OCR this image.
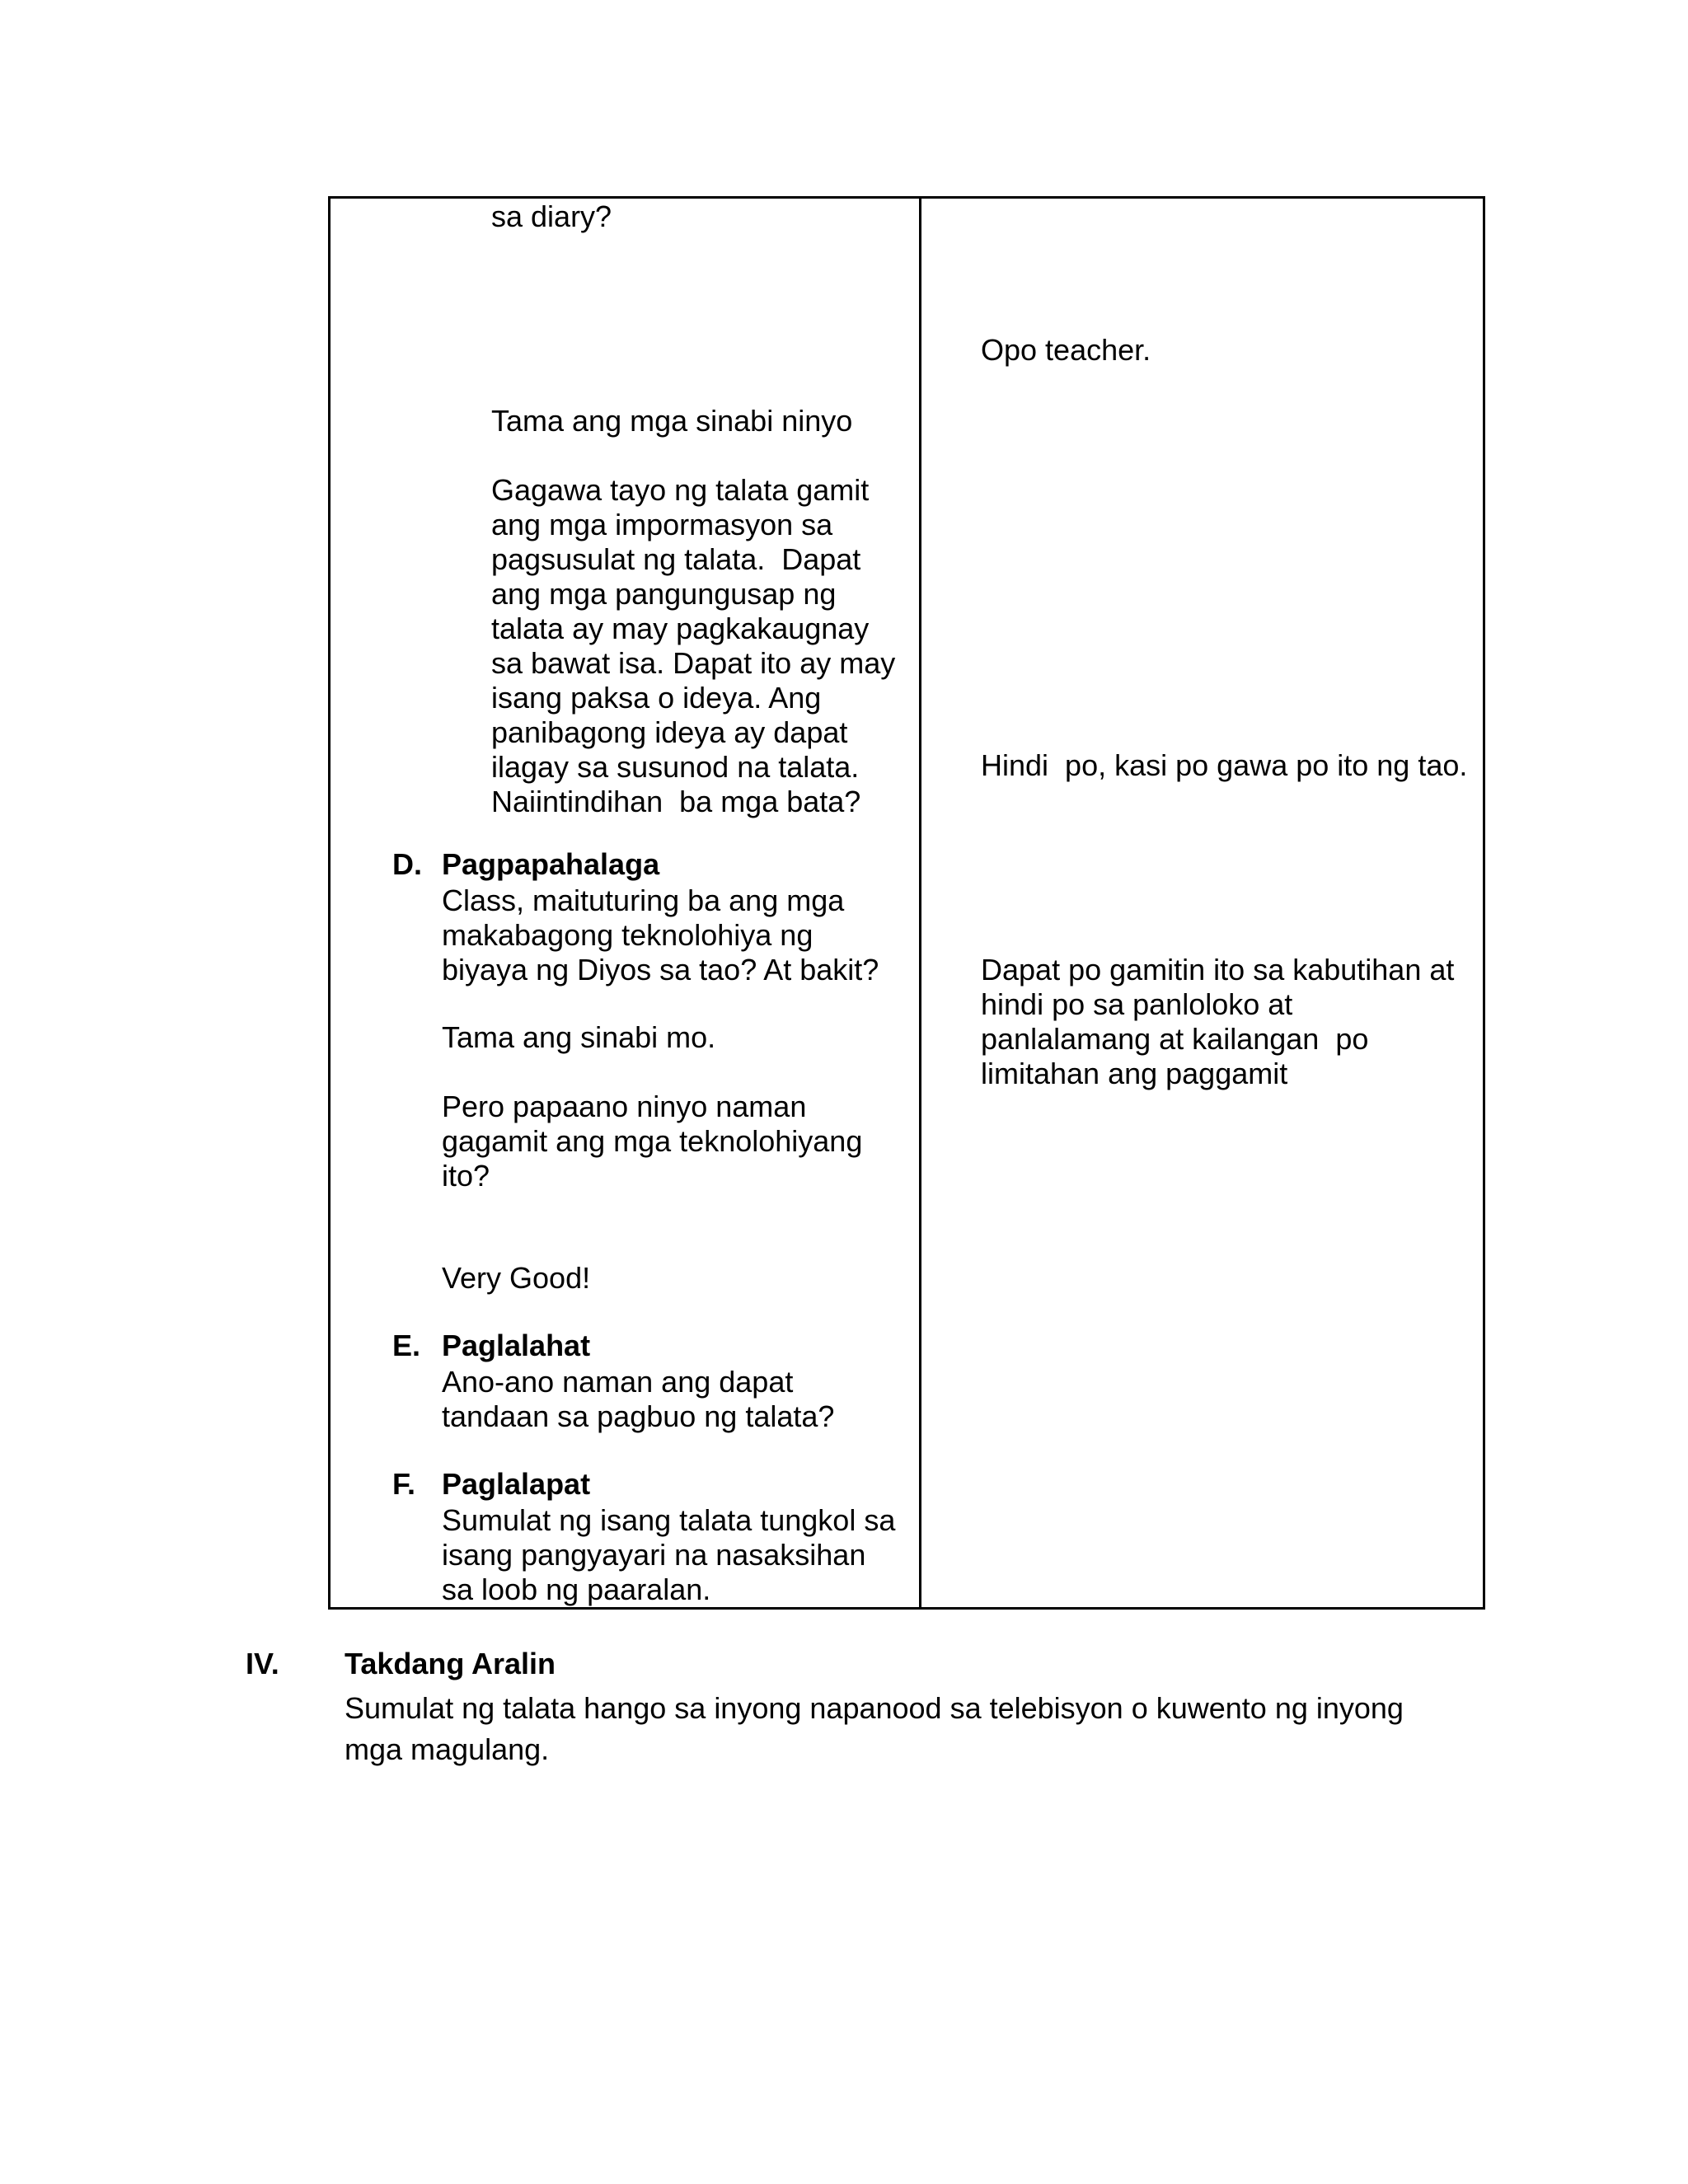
sa diary?

Tama ang mga sinabi ninyo

Gagawa tayo ng talata gamit
ang mga impormasyon sa
pagsusulat ng talata.  Dapat
ang mga pangungusap ng
talata ay may pagkakaugnay
sa bawat isa. Dapat ito ay may
isang paksa o ideya. Ang
panibagong ideya ay dapat
ilagay sa susunod na talata.
Naiintindihan  ba mga bata?

D. Pagpapahalaga

Class, maituturing ba ang mga
makabagong teknolohiya ng
biyaya ng Diyos sa tao? At bakit?

Tama ang sinabi mo.

Pero papaano ninyo naman
gagamit ang mga teknolohiyang
ito?

Very Good!

E. Paglalahat

Ano-ano naman ang dapat
tandaan sa pagbuo ng talata?

F. Paglalapat

Sumulat ng isang talata tungkol sa
isang pangyayari na nasaksihan
sa loob ng paaralan.

Opo teacher.

Hindi  po, kasi po gawa po ito ng tao.

Dapat po gamitin ito sa kabutihan at
hindi po sa panloloko at
panlalamang at kailangan  po
limitahan ang paggamit
IV. Takdang Aralin
Sumulat ng talata hango sa inyong napanood sa telebisyon o kuwento ng inyong mga magulang.
